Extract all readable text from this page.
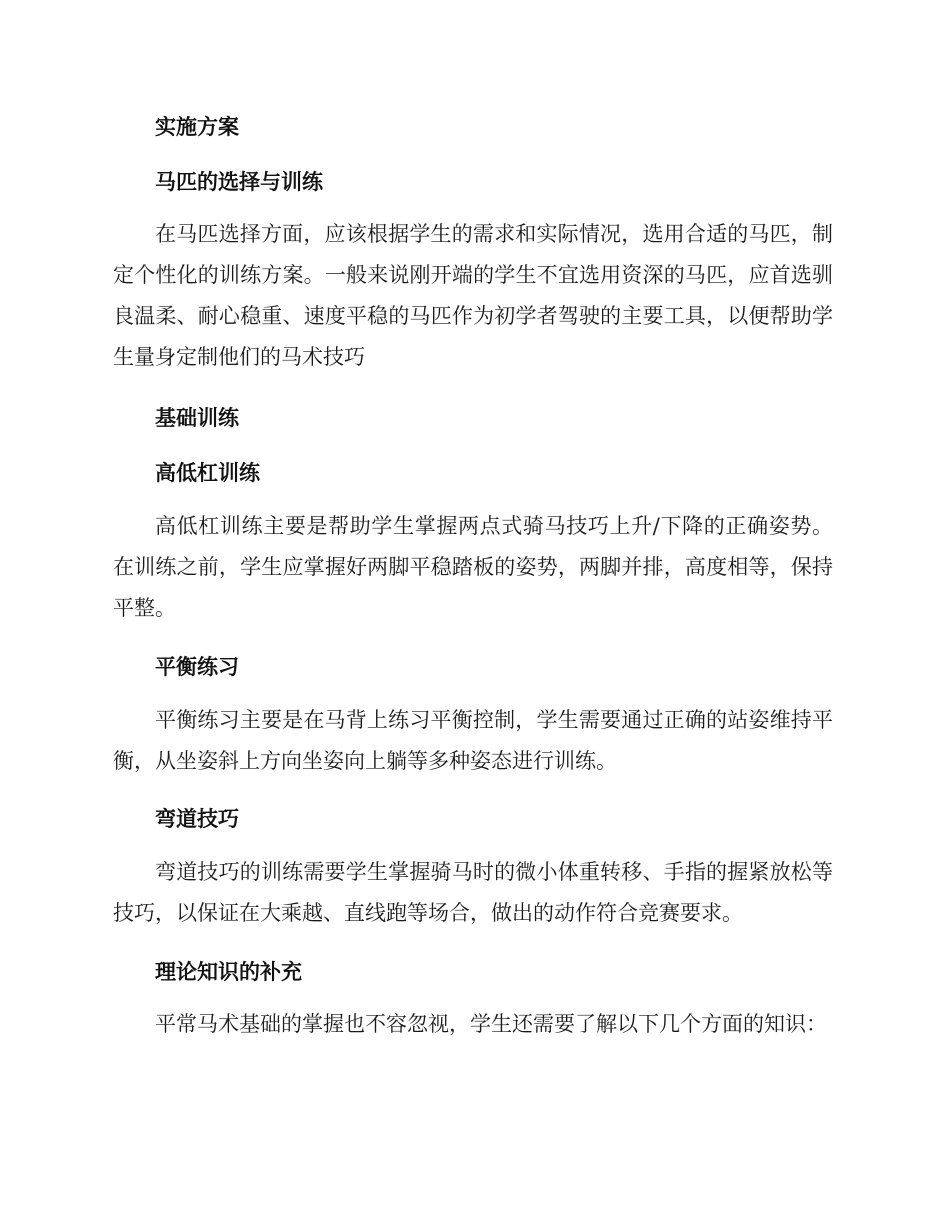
实施方案
马匹的选择与训练

在马匹选择方面，应该根据学生的需求和实际情况，选用合适的马匹，制定个性化的训练方案。一般来说刚开端的学生不宜选用资深的马匹，应首选驯良温柔、耐心稳重、速度平稳的马匹作为初学者驾驶的主要工具，以便帮助学生量身定制他们的马术技巧

基础训练
高低杠训练

高低杠训练主要是帮助学生掌握两点式骑马技巧上升/下降的正确姿势。在训练之前，学生应掌握好两脚平稳踏板的姿势，两脚并排，高度相等，保持平整。

平衡练习

平衡练习主要是在马背上练习平衡控制，学生需要通过正确的站姿维持平衡，从坐姿斜上方向坐姿向上躺等多种姿态进行训练。

弯道技巧

弯道技巧的训练需要学生掌握骑马时的微小体重转移、手指的握紧放松等技巧，以保证在大乘越、直线跑等场合，做出的动作符合竞赛要求。

理论知识的补充

平常马术基础的掌握也不容忽视，学生还需要了解以下几个方面的知识：
